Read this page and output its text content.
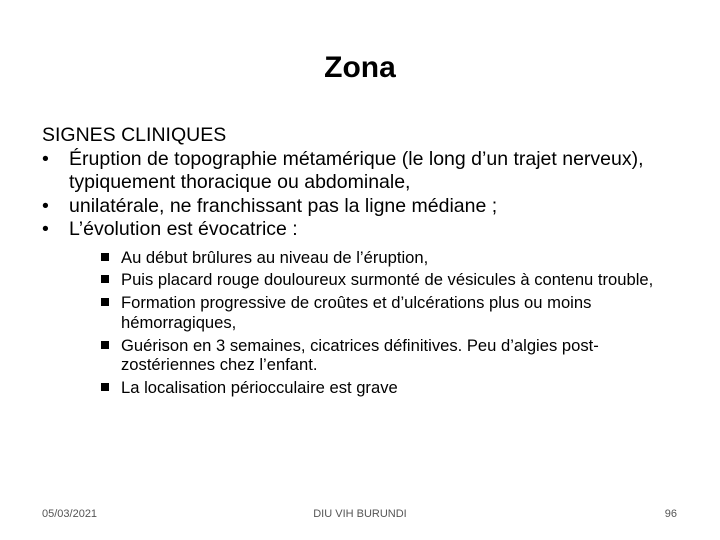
Zona

SIGNES CLINIQUES

• Éruption de topographie métamérique (le long d’un trajet nerveux), typiquement thoracique ou abdominale,
• unilatérale, ne franchissant pas la ligne médiane ;
• L’évolution est évocatrice :
Au début brûlures au niveau de l’éruption,
Puis placard rouge douloureux surmonté de vésicules à contenu trouble,
Formation progressive de croûtes et d’ulcérations plus ou moins hémorragiques,
Guérison en 3 semaines, cicatrices définitives. Peu d’algies post-zostériennes chez l’enfant.
La localisation périocculaire est grave
05/03/2021	DIU VIH BURUNDI	96
